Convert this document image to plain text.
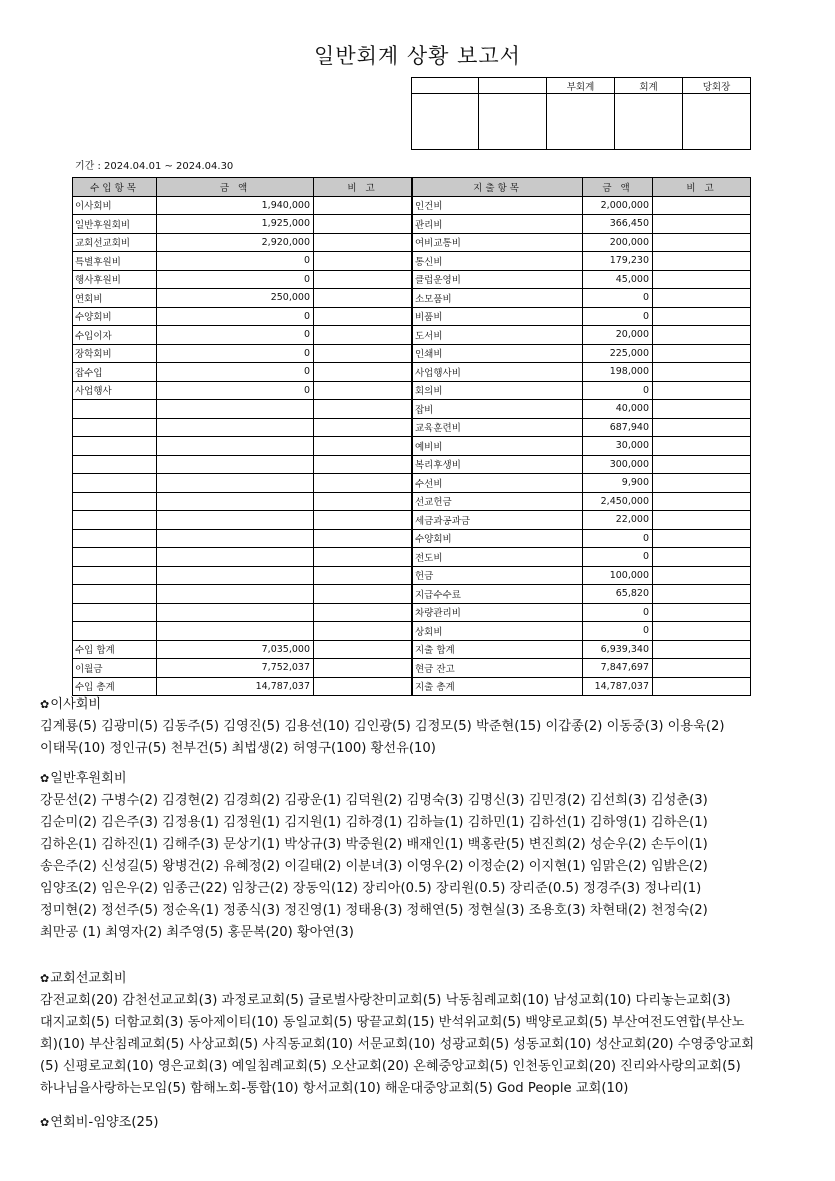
일반회계 상황 보고서
		부회계	회계	당회장

기간 : 2024.04.01 ~ 2024.04.30
수입항목	금 액	비 고		지출항목	금 액	비 고
이사회비	1,940,000			인건비	2,000,000	
일반후원회비	1,925,000			관리비	366,450	
교회선교회비	2,920,000			여비교통비	200,000	
특별후원비	0			통신비	179,230	
행사후원비	0			클럽운영비	45,000	
연회비	250,000			소모품비	0	
수양회비	0			비품비	0	
수입이자	0			도서비	20,000	
장학회비	0			인쇄비	225,000	
잡수입	0			사업행사비	198,000	
사업행사	0			회의비	0	
				잡비	40,000	
				교육훈련비	687,940	
				예비비	30,000	
				복리후생비	300,000	
				수선비	9,900	
				선교헌금	2,450,000	
				세금과공과금	22,000	
				수양회비	0	
				전도비	0	
				헌금	100,000	
				지급수수료	65,820	
				차량관리비	0	
				상회비	0	
수입 합계	7,035,000			지출 합계	6,939,340	
이월금	7,752,037			현금 잔고	7,847,697	
수입 총계	14,787,037			지출 총계	14,787,037	
✿이사회비
김계룡(5) 김광미(5) 김동주(5) 김영진(5) 김용선(10) 김인광(5) 김정모(5) 박준현(15) 이갑종(2) 이동중(3) 이용욱(2)
이태묵(10) 정인규(5) 천부건(5) 최법생(2) 허영구(100) 황선유(10)
✿일반후원회비
강문선(2) 구병수(2) 김경현(2) 김경희(2) 김광운(1) 김덕원(2) 김명숙(3) 김명신(3) 김민경(2) 김선희(3) 김성춘(3)
김순미(2) 김은주(3) 김정용(1) 김정원(1) 김지원(1) 김하경(1) 김하늘(1) 김하민(1) 김하선(1) 김하영(1) 김하은(1)
김하온(1) 김하진(1) 김해주(3) 문상기(1) 박상규(3) 박중원(2) 배재인(1) 백홍란(5) 변진희(2) 성순우(2) 손두이(1)
송은주(2) 신성길(5) 왕병건(2) 유혜정(2) 이길태(2) 이분녀(3) 이영우(2) 이정순(2) 이지현(1) 임맑은(2) 임밝은(2)
임양조(2) 임은우(2) 임종근(22) 임창근(2) 장동익(12) 장리아(0.5) 장리원(0.5) 장리준(0.5) 정경주(3) 정나리(1)
정미현(2) 정선주(5) 정순옥(1) 정종식(3) 정진영(1) 정태용(3) 정해연(5) 정현실(3) 조용호(3) 차현태(2) 천정숙(2)
최만공 (1) 최영자(2) 최주영(5) 홍문복(20) 황아연(3)
✿교회선교회비
감전교회(20) 감천선교교회(3) 과정로교회(5) 글로벌사랑찬미교회(5) 낙동침례교회(10) 남성교회(10) 다리놓는교회(3)
대지교회(5) 더함교회(3) 동아제이티(10) 동일교회(5) 땅끝교회(15) 반석위교회(5) 백양로교회(5) 부산여전도연합(부산노
회)(10) 부산침례교회(5) 사상교회(5) 사직동교회(10) 서문교회(10) 성광교회(5) 성동교회(10) 성산교회(20) 수영중앙교회
(5) 신평로교회(10) 영은교회(3) 예일침례교회(5) 오산교회(20) 온혜중앙교회(5) 인천동인교회(20) 진리와사랑의교회(5)
하나님을사랑하는모임(5) 함해노회-통합(10) 항서교회(10) 해운대중앙교회(5) God People 교회(10)
✿연회비-임양조(25)
